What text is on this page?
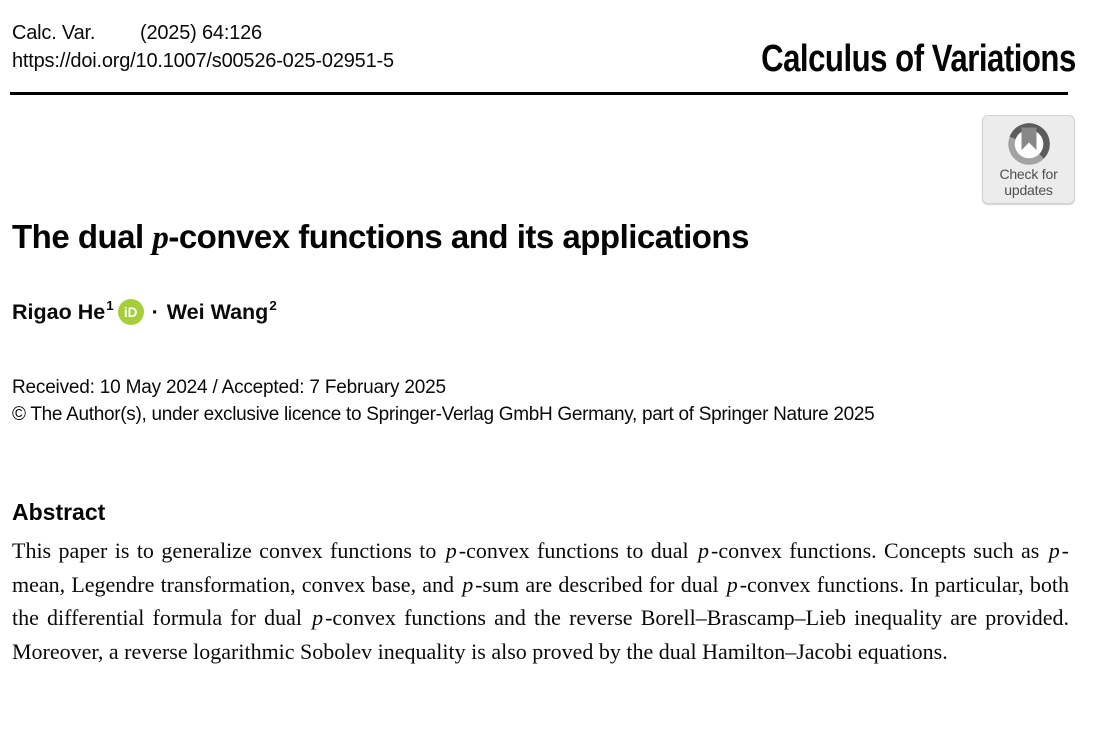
Calc. Var. (2025) 64:126
https://doi.org/10.1007/s00526-025-02951-5	Calculus of Variations
Check for
updates
The dual p-convex functions and its applications
Rigao He 1 iD · Wei Wang 2
Received: 10 May 2024 / Accepted: 7 February 2025
© The Author(s), under exclusive licence to Springer-Verlag GmbH Germany, part of Springer Nature 2025
Abstract
This paper is to generalize convex functions to p-convex functions to dual p-convex functions. Concepts such as p-mean, Legendre transformation, convex base, and p-sum are described for dual p-convex functions. In particular, both the differential formula for dual p-convex functions and the reverse Borell–Brascamp–Lieb inequality are provided. Moreover, a reverse logarithmic Sobolev inequality is also proved by the dual Hamilton–Jacobi equations.
